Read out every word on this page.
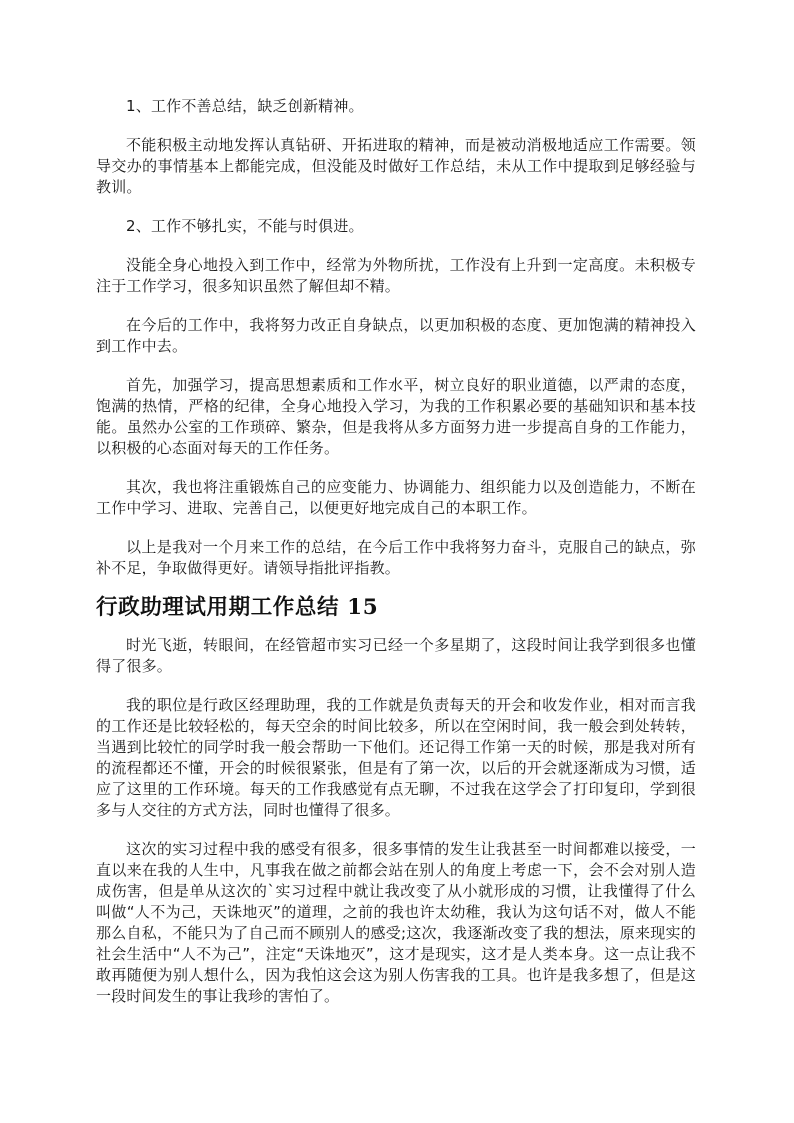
1、工作不善总结，缺乏创新精神。

不能积极主动地发挥认真钻研、开拓进取的精神，而是被动消极地适应工作需要。领导交办的事情基本上都能完成，但没能及时做好工作总结，未从工作中提取到足够经验与教训。

2、工作不够扎实，不能与时俱进。

没能全身心地投入到工作中，经常为外物所扰，工作没有上升到一定高度。未积极专注于工作学习，很多知识虽然了解但却不精。

在今后的工作中，我将努力改正自身缺点，以更加积极的态度、更加饱满的精神投入到工作中去。

首先，加强学习，提高思想素质和工作水平，树立良好的职业道德，以严肃的态度，饱满的热情，严格的纪律，全身心地投入学习，为我的工作积累必要的基础知识和基本技能。虽然办公室的工作琐碎、繁杂，但是我将从多方面努力进一步提高自身的工作能力，以积极的心态面对每天的工作任务。

其次，我也将注重锻炼自己的应变能力、协调能力、组织能力以及创造能力，不断在工作中学习、进取、完善自己，以便更好地完成自己的本职工作。

以上是我对一个月来工作的总结，在今后工作中我将努力奋斗，克服自己的缺点，弥补不足，争取做得更好。请领导指批评指教。

行政助理试用期工作总结 15

时光飞逝，转眼间，在经管超市实习已经一个多星期了，这段时间让我学到很多也懂得了很多。

我的职位是行政区经理助理，我的工作就是负责每天的开会和收发作业，相对而言我的工作还是比较轻松的，每天空余的时间比较多，所以在空闲时间，我一般会到处转转，当遇到比较忙的同学时我一般会帮助一下他们。还记得工作第一天的时候，那是我对所有的流程都还不懂，开会的时候很紧张，但是有了第一次，以后的开会就逐渐成为习惯，适应了这里的工作环境。每天的工作我感觉有点无聊，不过我在这学会了打印复印，学到很多与人交往的方式方法，同时也懂得了很多。

这次的实习过程中我的感受有很多，很多事情的发生让我甚至一时间都难以接受，一直以来在我的人生中，凡事我在做之前都会站在别人的角度上考虑一下，会不会对别人造成伤害，但是单从这次的`实习过程中就让我改变了从小就形成的习惯，让我懂得了什么叫做“人不为己，天诛地灭”的道理，之前的我也许太幼稚，我认为这句话不对，做人不能那么自私，不能只为了自己而不顾别人的感受;这次，我逐渐改变了我的想法，原来现实的社会生活中“人不为己”，注定“天诛地灭”，这才是现实，这才是人类本身。这一点让我不敢再随便为别人想什么，因为我怕这会这为别人伤害我的工具。也许是我多想了，但是这一段时间发生的事让我珍的害怕了。
